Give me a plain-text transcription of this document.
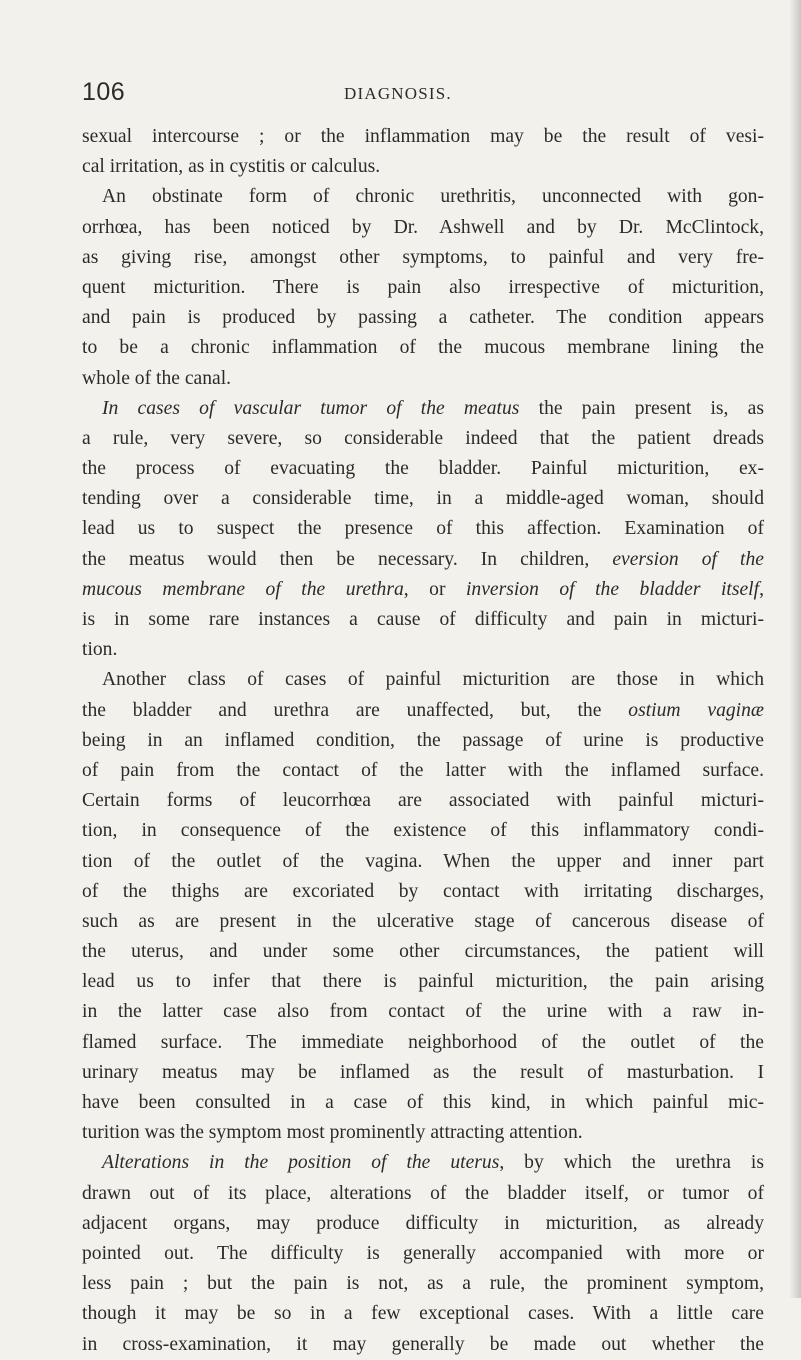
106	DIAGNOSIS.
sexual intercourse ; or the inflammation may be the result of vesi-
cal irritation, as in cystitis or calculus.
An obstinate form of chronic urethritis, unconnected with gon-
orrhœa, has been noticed by Dr. Ashwell and by Dr. McClintock,
as giving rise, amongst other symptoms, to painful and very fre-
quent micturition. There is pain also irrespective of micturition,
and pain is produced by passing a catheter. The condition appears
to be a chronic inflammation of the mucous membrane lining the
whole of the canal.
In cases of vascular tumor of the meatus the pain present is, as
a rule, very severe, so considerable indeed that the patient dreads
the process of evacuating the bladder. Painful micturition, ex-
tending over a considerable time, in a middle-aged woman, should
lead us to suspect the presence of this affection. Examination of
the meatus would then be necessary. In children, eversion of the
mucous membrane of the urethra, or inversion of the bladder itself,
is in some rare instances a cause of difficulty and pain in micturi-
tion.
Another class of cases of painful micturition are those in which
the bladder and urethra are unaffected, but, the ostium vaginæ
being in an inflamed condition, the passage of urine is productive
of pain from the contact of the latter with the inflamed surface.
Certain forms of leucorrhœa are associated with painful micturi-
tion, in consequence of the existence of this inflammatory condi-
tion of the outlet of the vagina. When the upper and inner part
of the thighs are excoriated by contact with irritating discharges,
such as are present in the ulcerative stage of cancerous disease of
the uterus, and under some other circumstances, the patient will
lead us to infer that there is painful micturition, the pain arising
in the latter case also from contact of the urine with a raw in-
flamed surface. The immediate neighborhood of the outlet of the
urinary meatus may be inflamed as the result of masturbation. I
have been consulted in a case of this kind, in which painful mic-
turition was the symptom most prominently attracting attention.
Alterations in the position of the uterus, by which the urethra is
drawn out of its place, alterations of the bladder itself, or tumor of
adjacent organs, may produce difficulty in micturition, as already
pointed out. The difficulty is generally accompanied with more or
less pain ; but the pain is not, as a rule, the prominent symptom,
though it may be so in a few exceptional cases. With a little care
in cross-examination, it may generally be made out whether the
